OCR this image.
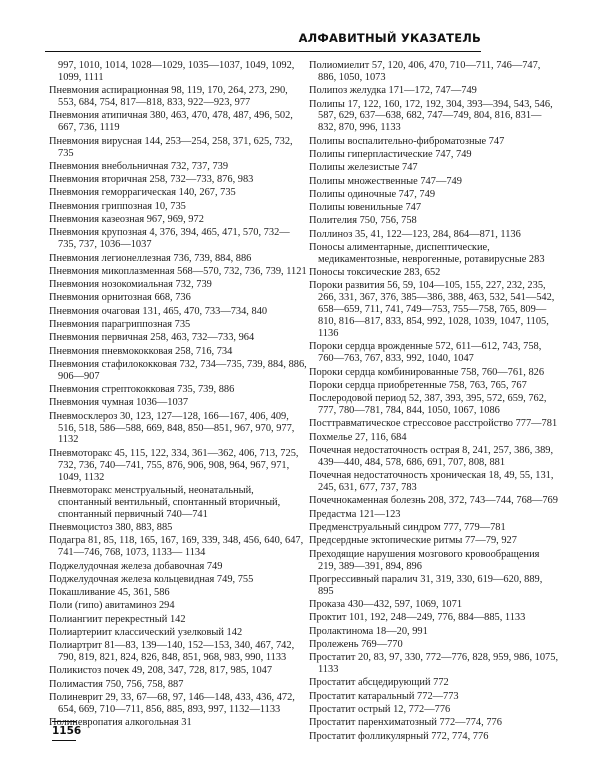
АЛФАВИТНЫЙ УКАЗАТЕЛЬ
997, 1010, 1014, 1028—1029, 1035—1037, 1049, 1092, 1099, 1111
Пневмония аспирационная 98, 119, 170, 264, 273, 290, 553, 684, 754, 817—818, 833, 922—923, 977
Пневмония атипичная 380, 463, 470, 478, 487, 496, 502, 667, 736, 1119
Пневмония вирусная 144, 253—254, 258, 371, 625, 732, 735
Пневмония внебольничная 732, 737, 739
Пневмония вторичная 258, 732—733, 876, 983
Пневмония геморрагическая 140, 267, 735
Пневмония гриппозная 10, 735
Пневмония казеозная 967, 969, 972
Пневмония крупозная 4, 376, 394, 465, 471, 570, 732—735, 737, 1036—1037
Пневмония легионеллезная 736, 739, 884, 886
Пневмония микоплазменная 568—570, 732, 736, 739, 1121
Пневмония нозокомиальная 732, 739
Пневмония орнитозная 668, 736
Пневмония очаговая 131, 465, 470, 733—734, 840
Пневмония парагриппозная 735
Пневмония первичная 258, 463, 732—733, 964
Пневмония пневмококковая 258, 716, 734
Пневмония стафилококковая 732, 734—735, 739, 884, 886, 906—907
Пневмония стрептококковая 735, 739, 886
Пневмония чумная 1036—1037
Пневмосклероз 30, 123, 127—128, 166—167, 406, 409, 516, 518, 586—588, 669, 848, 850—851, 967, 970, 977, 1132
Пневмоторакс 45, 115, 122, 334, 361—362, 406, 713, 725, 732, 736, 740—741, 755, 876, 906, 908, 964, 967, 971, 1049, 1132
Пневмоторакс менструальный, неонатальный, спонтанный вентильный, спонтанный вторичный, спонтанный первичный 740—741
Пневмоцистоз 380, 883, 885
Подагра 81, 85, 118, 165, 167, 169, 339, 348, 456, 640, 647, 741—746, 768, 1073, 1133— 1134
Поджелудочная железа добавочная 749
Поджелудочная железа кольцевидная 749, 755
Покашливание 45, 361, 586
Поли (гипо) авитаминоз 294
Полиангиит перекрестный 142
Полиартериит классический узелковый 142
Полиартрит 81—83, 139—140, 152—153, 340, 467, 742, 790, 819, 821, 824, 826, 848, 851, 968, 983, 990, 1133
Поликистоз почек 49, 208, 347, 728, 817, 985, 1047
Полимастия 750, 756, 758, 887
Полиневрит 29, 33, 67—68, 97, 146—148, 433, 436, 472, 654, 669, 710—711, 856, 885, 893, 997, 1132—1133
Полиневропатия алкогольная 31
Полиомиелит 57, 120, 406, 470, 710—711, 746—747, 886, 1050, 1073
Полипоз желудка 171—172, 747—749
Полипы 17, 122, 160, 172, 192, 304, 393—394, 543, 546, 587, 629, 637—638, 682, 747—749, 804, 816, 831—832, 870, 996, 1133
Полипы воспалительно-фиброматозные 747
Полипы гиперпластические 747, 749
Полипы железистые 747
Полипы множественные 747—749
Полипы одиночные 747, 749
Полипы ювенильные 747
Полителия 750, 756, 758
Поллиноз 35, 41, 122—123, 284, 864—871, 1136
Поносы алиментарные, диспептические, медикаментозные, неврогенные, ротавирусные 283
Поносы токсические 283, 652
Пороки развития 56, 59, 104—105, 155, 227, 232, 235, 266, 331, 367, 376, 385—386, 388, 463, 532, 541—542, 658—659, 711, 741, 749—753, 755—758, 765, 809—810, 816—817, 833, 854, 992, 1028, 1039, 1047, 1105, 1136
Пороки сердца врожденные 572, 611—612, 743, 758, 760—763, 767, 833, 992, 1040, 1047
Пороки сердца комбинированные 758, 760—761, 826
Пороки сердца приобретенные 758, 763, 765, 767
Послеродовой период 52, 387, 393, 395, 572, 659, 762, 777, 780—781, 784, 844, 1050, 1067, 1086
Посттравматическое стрессовое расстройство 777—781
Похмелье 27, 116, 684
Почечная недостаточность острая 8, 241, 257, 386, 389, 439—440, 484, 578, 686, 691, 707, 808, 881
Почечная недостаточность хроническая 18, 49, 55, 131, 245, 631, 677, 737, 783
Почечнокаменная болезнь 208, 372, 743—744, 768—769
Предастма 121—123
Предменструальный синдром 777, 779—781
Предсердные эктопические ритмы 77—79, 927
Преходящие нарушения мозгового кровообращения 219, 389—391, 894, 896
Прогрессивный паралич 31, 319, 330, 619—620, 889, 895
Проказа 430—432, 597, 1069, 1071
Проктит 101, 192, 248—249, 776, 884—885, 1133
Пролактинома 18—20, 991
Пролежень 769—770
Простатит 20, 83, 97, 330, 772—776, 828, 959, 986, 1075, 1133
Простатит абсцедирующий 772
Простатит катаральный 772—773
Простатит острый 12, 772—776
Простатит паренхиматозный 772—774, 776
Простатит фолликулярный 772, 774, 776
1156
